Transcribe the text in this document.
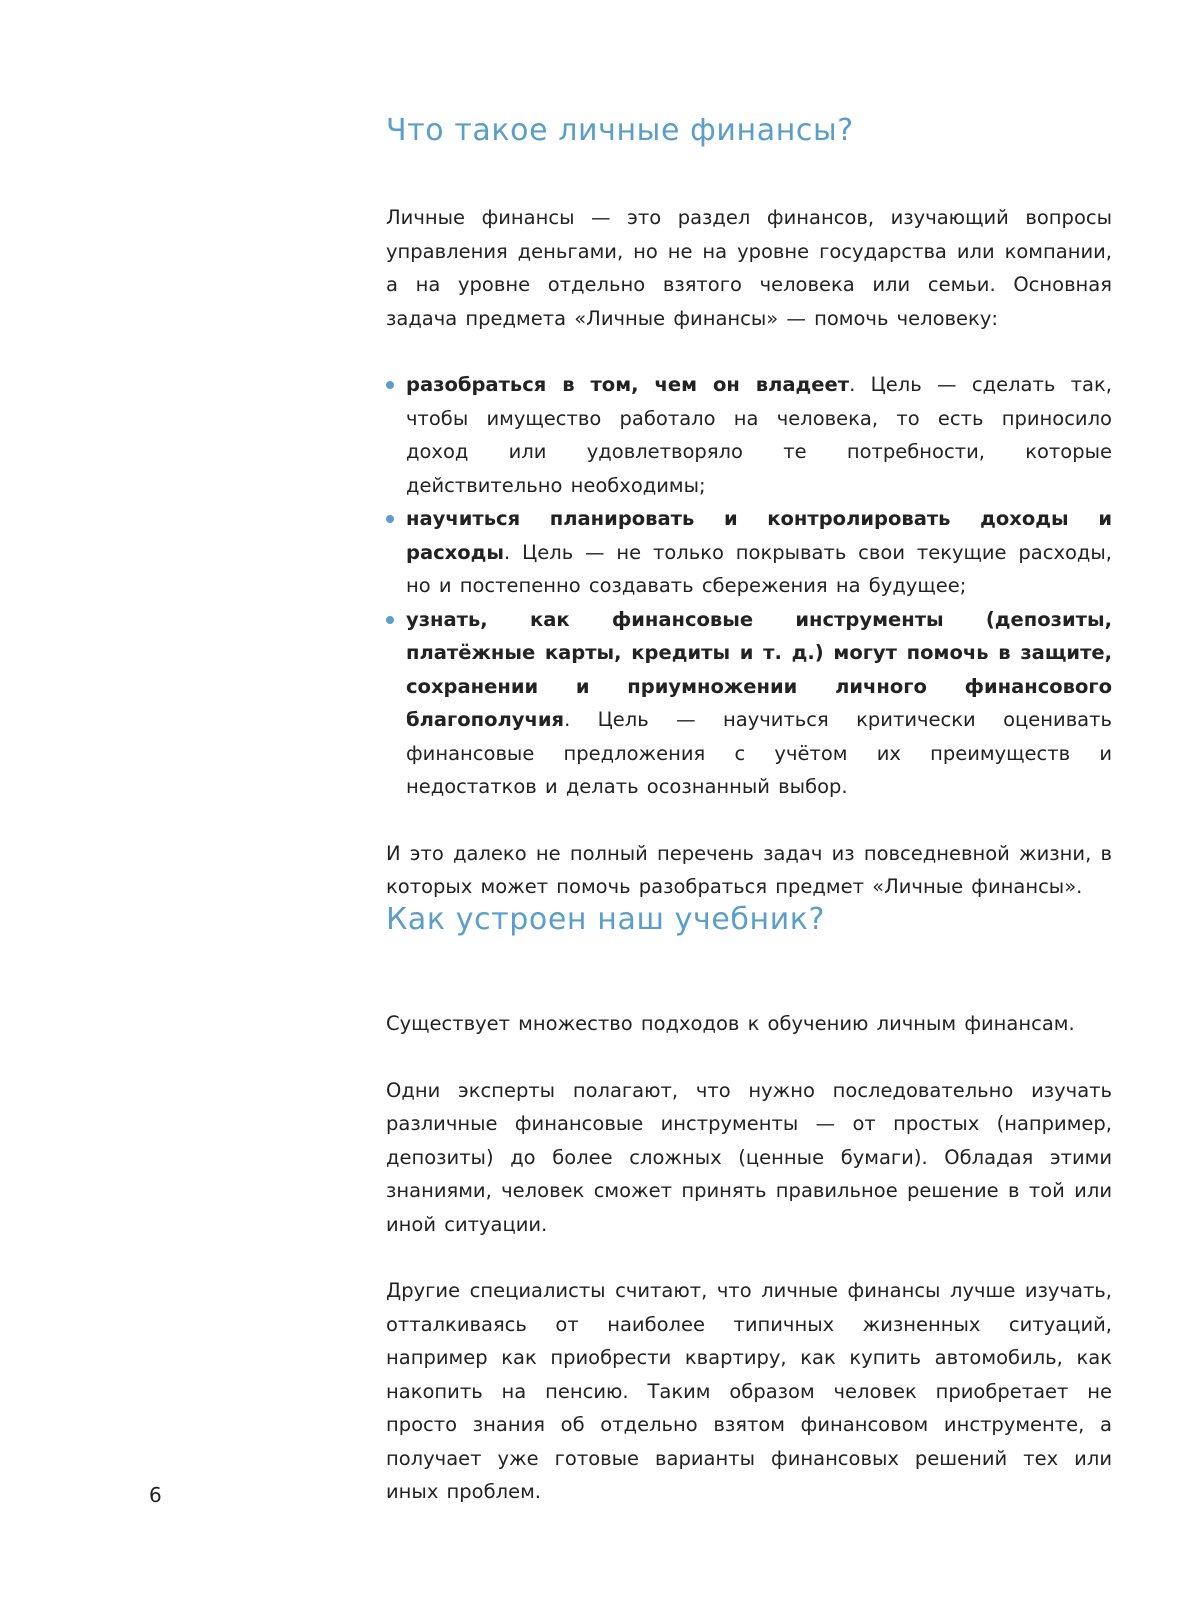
Что такое личные финансы?

Личные финансы — это раздел финансов, изучающий вопросы управления деньгами, но не на уровне государства или компании, а на уровне отдельно взятого человека или семьи. Основная задача предмета «Личные финансы» — помочь человеку:

разобраться в том, чем он владеет. Цель — сделать так, чтобы имущество работало на человека, то есть приносило доход или удовлетворяло те потребности, которые действительно необходимы;
научиться планировать и контролировать доходы и расходы. Цель — не только покрывать свои текущие расходы, но и постепенно создавать сбережения на будущее;
узнать, как финансовые инструменты (депозиты, платёжные карты, кредиты и т. д.) могут помочь в защите, сохранении и приумножении личного финансового благополучия. Цель — научиться критически оценивать финансовые предложения с учётом их преимуществ и недостатков и делать осознанный выбор.

И это далеко не полный перечень задач из повседневной жизни, в которых может помочь разобраться предмет «Личные финансы».

Как устроен наш учебник?

Существует множество подходов к обучению личным финансам.

Одни эксперты полагают, что нужно последовательно изучать различные финансовые инструменты — от простых (например, депозиты) до более сложных (ценные бумаги). Обладая этими знаниями, человек сможет принять правильное решение в той или иной ситуации.

Другие специалисты считают, что личные финансы лучше изучать, отталкиваясь от наиболее типичных жизненных ситуаций, например как приобрести квартиру, как купить автомобиль, как накопить на пенсию. Таким образом человек приобретает не просто знания об отдельно взятом финансовом инструменте, а получает уже готовые варианты финансовых решений тех или иных проблем.

6
